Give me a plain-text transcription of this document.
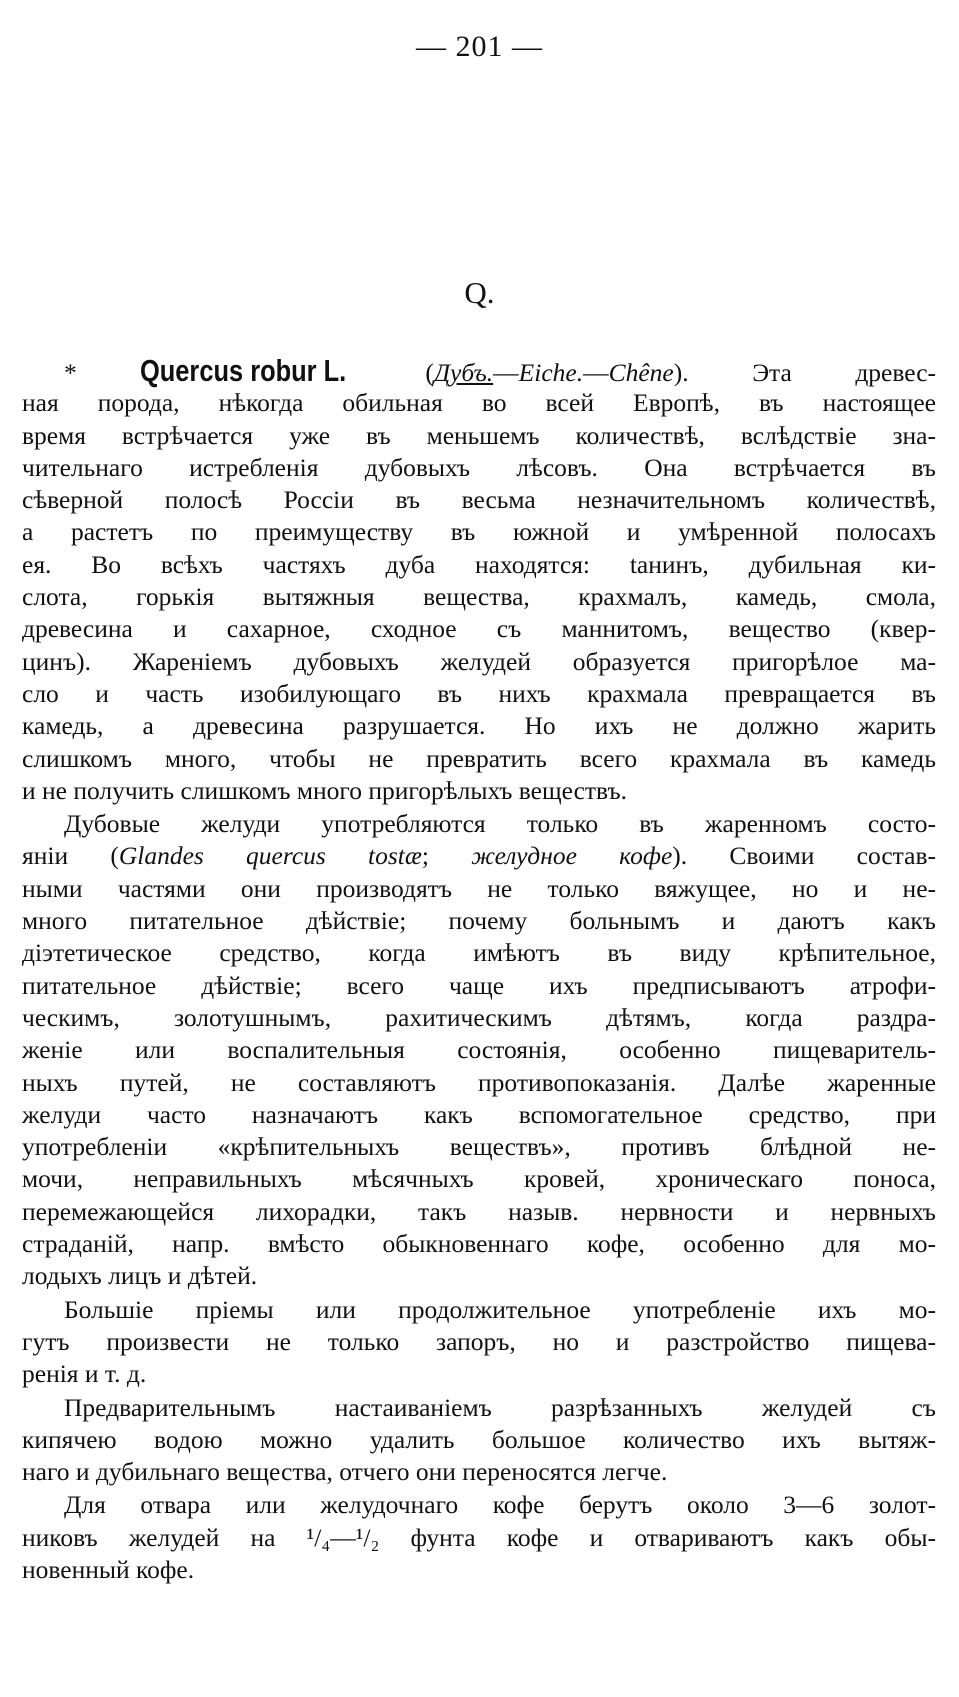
— 201 —
Q.
* Quercus robur L.	(Дубъ.—Eiche.—Chêne). Эта древес-
ная порода, нѣкогда обильная во всей Европѣ, въ настоящее
время встрѣчается уже въ меньшемъ количествѣ, вслѣдствіе зна-
чительнаго истребленія дубовыхъ лѣсовъ. Она встрѣчается въ
сѣверной полосѣ Россіи въ весьма незначительномъ количествѣ,
а растетъ по преимуществу въ южной и умѣренной полосахъ
ея. Во всѣхъ частяхъ дуба находятся: taнинъ, дубильная ки-
слота, горькія вытяжныя вещества, крахмалъ, камедь, смола,
древесина и сахарное, сходное съ маннитомъ, вещество (квер-
цинъ). Жареніемъ дубовыхъ желудей образуется пригорѣлое ма-
сло и часть изобилующаго въ нихъ крахмала превращается въ
камедь, а древесина разрушается. Но ихъ не должно жарить
слишкомъ много, чтобы не превратить всего крахмала въ камедь
и не получить слишкомъ много пригорѣлыхъ веществъ.
Дубовые желуди употребляются только въ жаренномъ состо-
яніи (Glandes quercus tostæ; желудное кофе). Своими состав-
ными частями они производятъ не только вяжущее, но и не-
много питательное дѣйствіе; почему больнымъ и даютъ какъ
діэтетическое средство, когда имѣютъ въ виду крѣпительное,
питательное дѣйствіе; всего чаще ихъ предписываютъ атрофи-
ческимъ, золотушнымъ, рахитическимъ дѣтямъ, когда раздра-
женіе или воспалительныя состоянія, особенно пищеваритель-
ныхъ путей, не составляютъ противопоказанія. Далѣе жаренные
желуди часто назначаютъ какъ вспомогательное средство, при
употребленіи «крѣпительныхъ веществъ», противъ блѣдной не-
мочи, неправильныхъ мѣсячныхъ кровей, хроническаго поноса,
перемежающейся лихорадки, такъ назыв. нервности и нервныхъ
страданій, напр. вмѣсто обыкновеннаго кофе, особенно для мо-
лодыхъ лицъ и дѣтей.
Большіе пріемы или продолжительное употребленіе ихъ мо-
гутъ произвести не только запоръ, но и разстройство пищева-
ренія и т. д.
Предварительнымъ настаиваніемъ разрѣзанныхъ желудей съ
кипячею водою можно удалить большое количество ихъ вытяж-
наго и дубильнаго вещества, отчего они переносятся легче.
Для отвара или желудочнаго кофе берутъ около 3—6 золот-
никовъ желудей на ¹/₄—¹/₂ фунта кофе и отвариваютъ какъ обы-
новенный кофе.
